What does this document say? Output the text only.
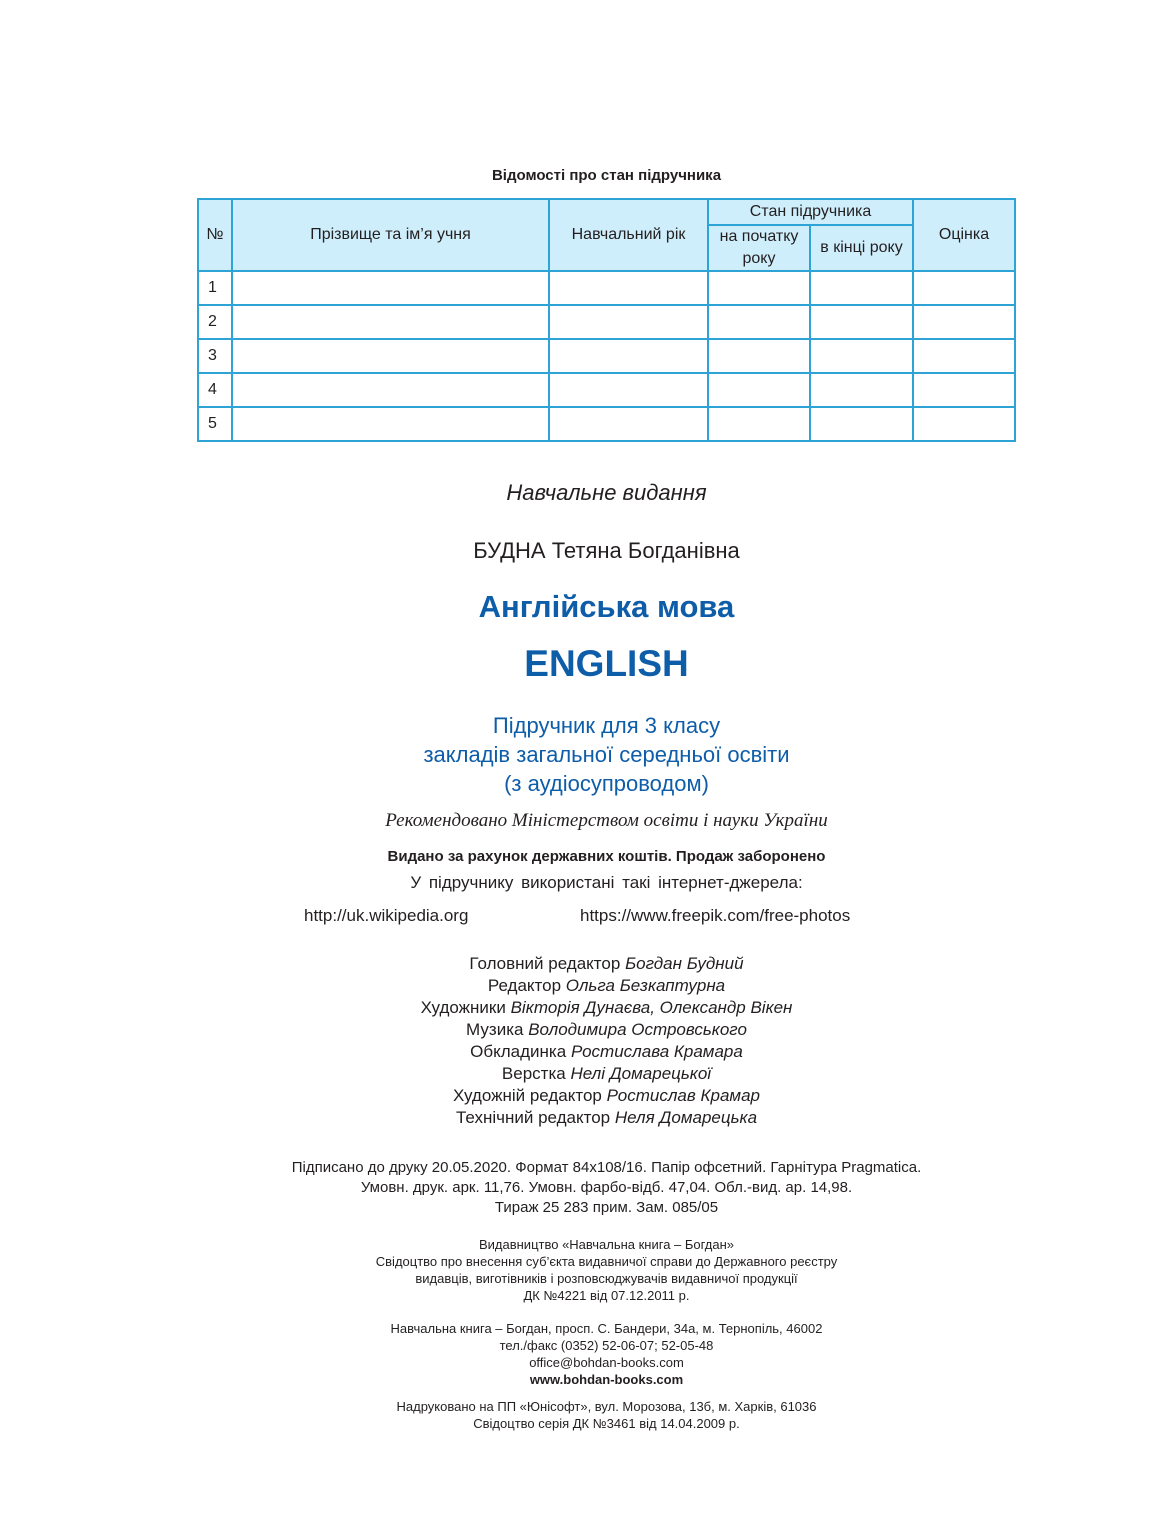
Відомості про стан підручника
№	Прізвище та ім’я учня	Навчальний рік	Стан підручника		Оцінка
			на початку року	в кінці року	
1					
2					
3					
4					
5					
Навчальне видання
БУДНА Тетяна Богданівна
Англійська мова
ENGLISH
Підручник для 3 класу
закладів загальної середньої освіти
(з аудіосупроводом)
Рекомендовано Міністерством освіти і науки України
Видано за рахунок державних коштів. Продаж заборонено
У підручнику використані такі інтернет-джерела:
http://uk.wikipedia.org	https://www.freepik.com/free-photos
Головний редактор Богдан Будний
Редактор Ольга Безкаптурна
Художники Вікторія Дунаєва, Олександр Вікен
Музика Володимира Островського
Обкладинка Ростислава Крамара
Верстка Нелі Домарецької
Художній редактор Ростислав Крамар
Технічний редактор Неля Домарецька
Підписано до друку 20.05.2020. Формат 84x108/16. Папір офсетний. Гарнітура Pragmatica.
Умовн. друк. арк. 11,76. Умовн. фарбо-відб. 47,04. Обл.-вид. ар. 14,98.
Тираж 25 283 прим. Зам. 085/05
Видавництво «Навчальна книга – Богдан»
Свідоцтво про внесення суб’єкта видавничої справи до Державного реєстру
видавців, виготівників і розповсюджувачів видавничої продукції
ДК №4221 від 07.12.2011 р.
Навчальна книга – Богдан, просп. С. Бандери, 34а, м. Тернопіль, 46002
тел./факс (0352) 52-06-07; 52-05-48
office@bohdan-books.com
www.bohdan-books.com
Надруковано на ПП «Юнісофт», вул. Морозова, 13б, м. Харків, 61036
Свідоцтво серія ДК №3461 від 14.04.2009 р.
